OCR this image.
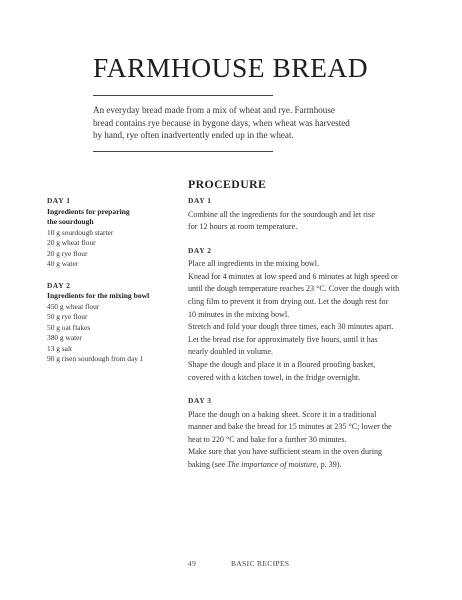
FARMHOUSE BREAD

An everyday bread made from a mix of wheat and rye. Farmhouse
bread contains rye because in bygone days, when wheat was harvested
by hand, rye often inadvertently ended up in the wheat.

DAY 1
Ingredients for preparing
the sourdough
10 g sourdough starter
20 g wheat flour
20 g rye flour
40 g water
DAY 2
Ingredients for the mixing bowl
450 g wheat flour
50 g rye flour
50 g oat flakes
380 g water
13 g salt
90 g risen sourdough from day 1
PROCEDURE
DAY 1
Combine all the ingredients for the sourdough and let rise
for 12 hours at room temperature.
DAY 2
Place all ingredients in the mixing bowl.
Knead for 4 minutes at low speed and 6 minutes at high speed or
until the dough temperature reaches 23 °C. Cover the dough with
cling film to prevent it from drying out. Let the dough rest for
10 minutes in the mixing bowl.
Stretch and fold your dough three times, each 30 minutes apart.
Let the bread rise for approximately five hours, until it has
nearly doubled in volume.
Shape the dough and place it in a floured proofing basket,
covered with a kitchen towel, in the fridge overnight.
DAY 3
Place the dough on a baking sheet. Score it in a traditional
manner and bake the bread for 15 minutes at 235 °C; lower the
heat to 220 °C and bake for a further 30 minutes.
Make sure that you have sufficient steam in the oven during
baking (see The importance of moisture, p. 39).
49	BASIC RECIPES
